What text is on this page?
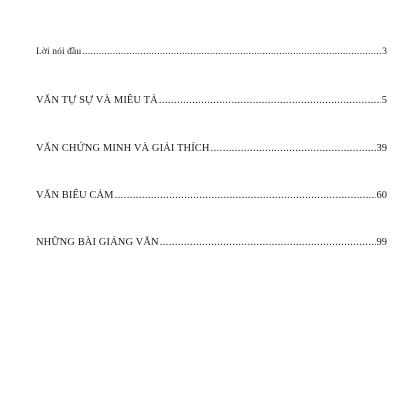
Lời nói đầu .....	3
VĂN TỰ SỰ VÀ MIÊU TẢ .....	5
VĂN CHỨNG MINH VÀ GIẢI THÍCH .....	39
VĂN BIỂU CẢM .....	60
NHỮNG BÀI GIẢNG VĂN .....	99
